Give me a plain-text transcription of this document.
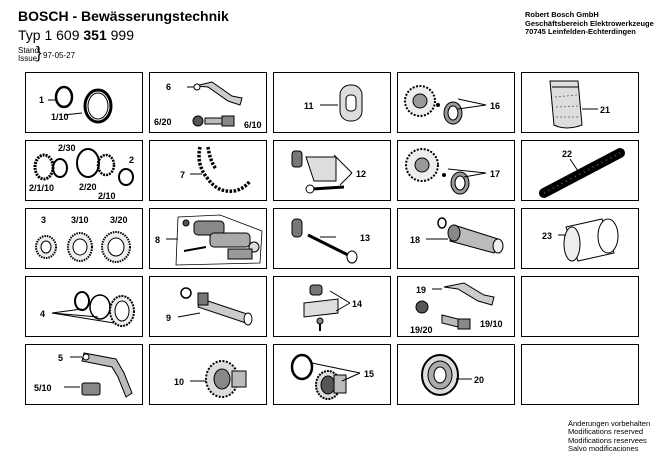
BOSCH - Bewässerungstechnik
Typ 1 609 351 999
Stand
Issue
} 97-05-27
Robert Bosch GmbH
Geschäftsbereich Elektrowerkzeuge
70745 Leinfelden-Echterdingen
1
1/10
6
6/20	6/10
11	16	21
2/30
2
2/1/10	2/20
2/10
7	12	17
22
3	3/10 3/20
8	13	18	23
4	9
14
19
19/20
19/10
5
5/10
10
15
20
Änderungen vorbehalten
Modifications reserved
Modifications reservees
Salvo modificaciones
